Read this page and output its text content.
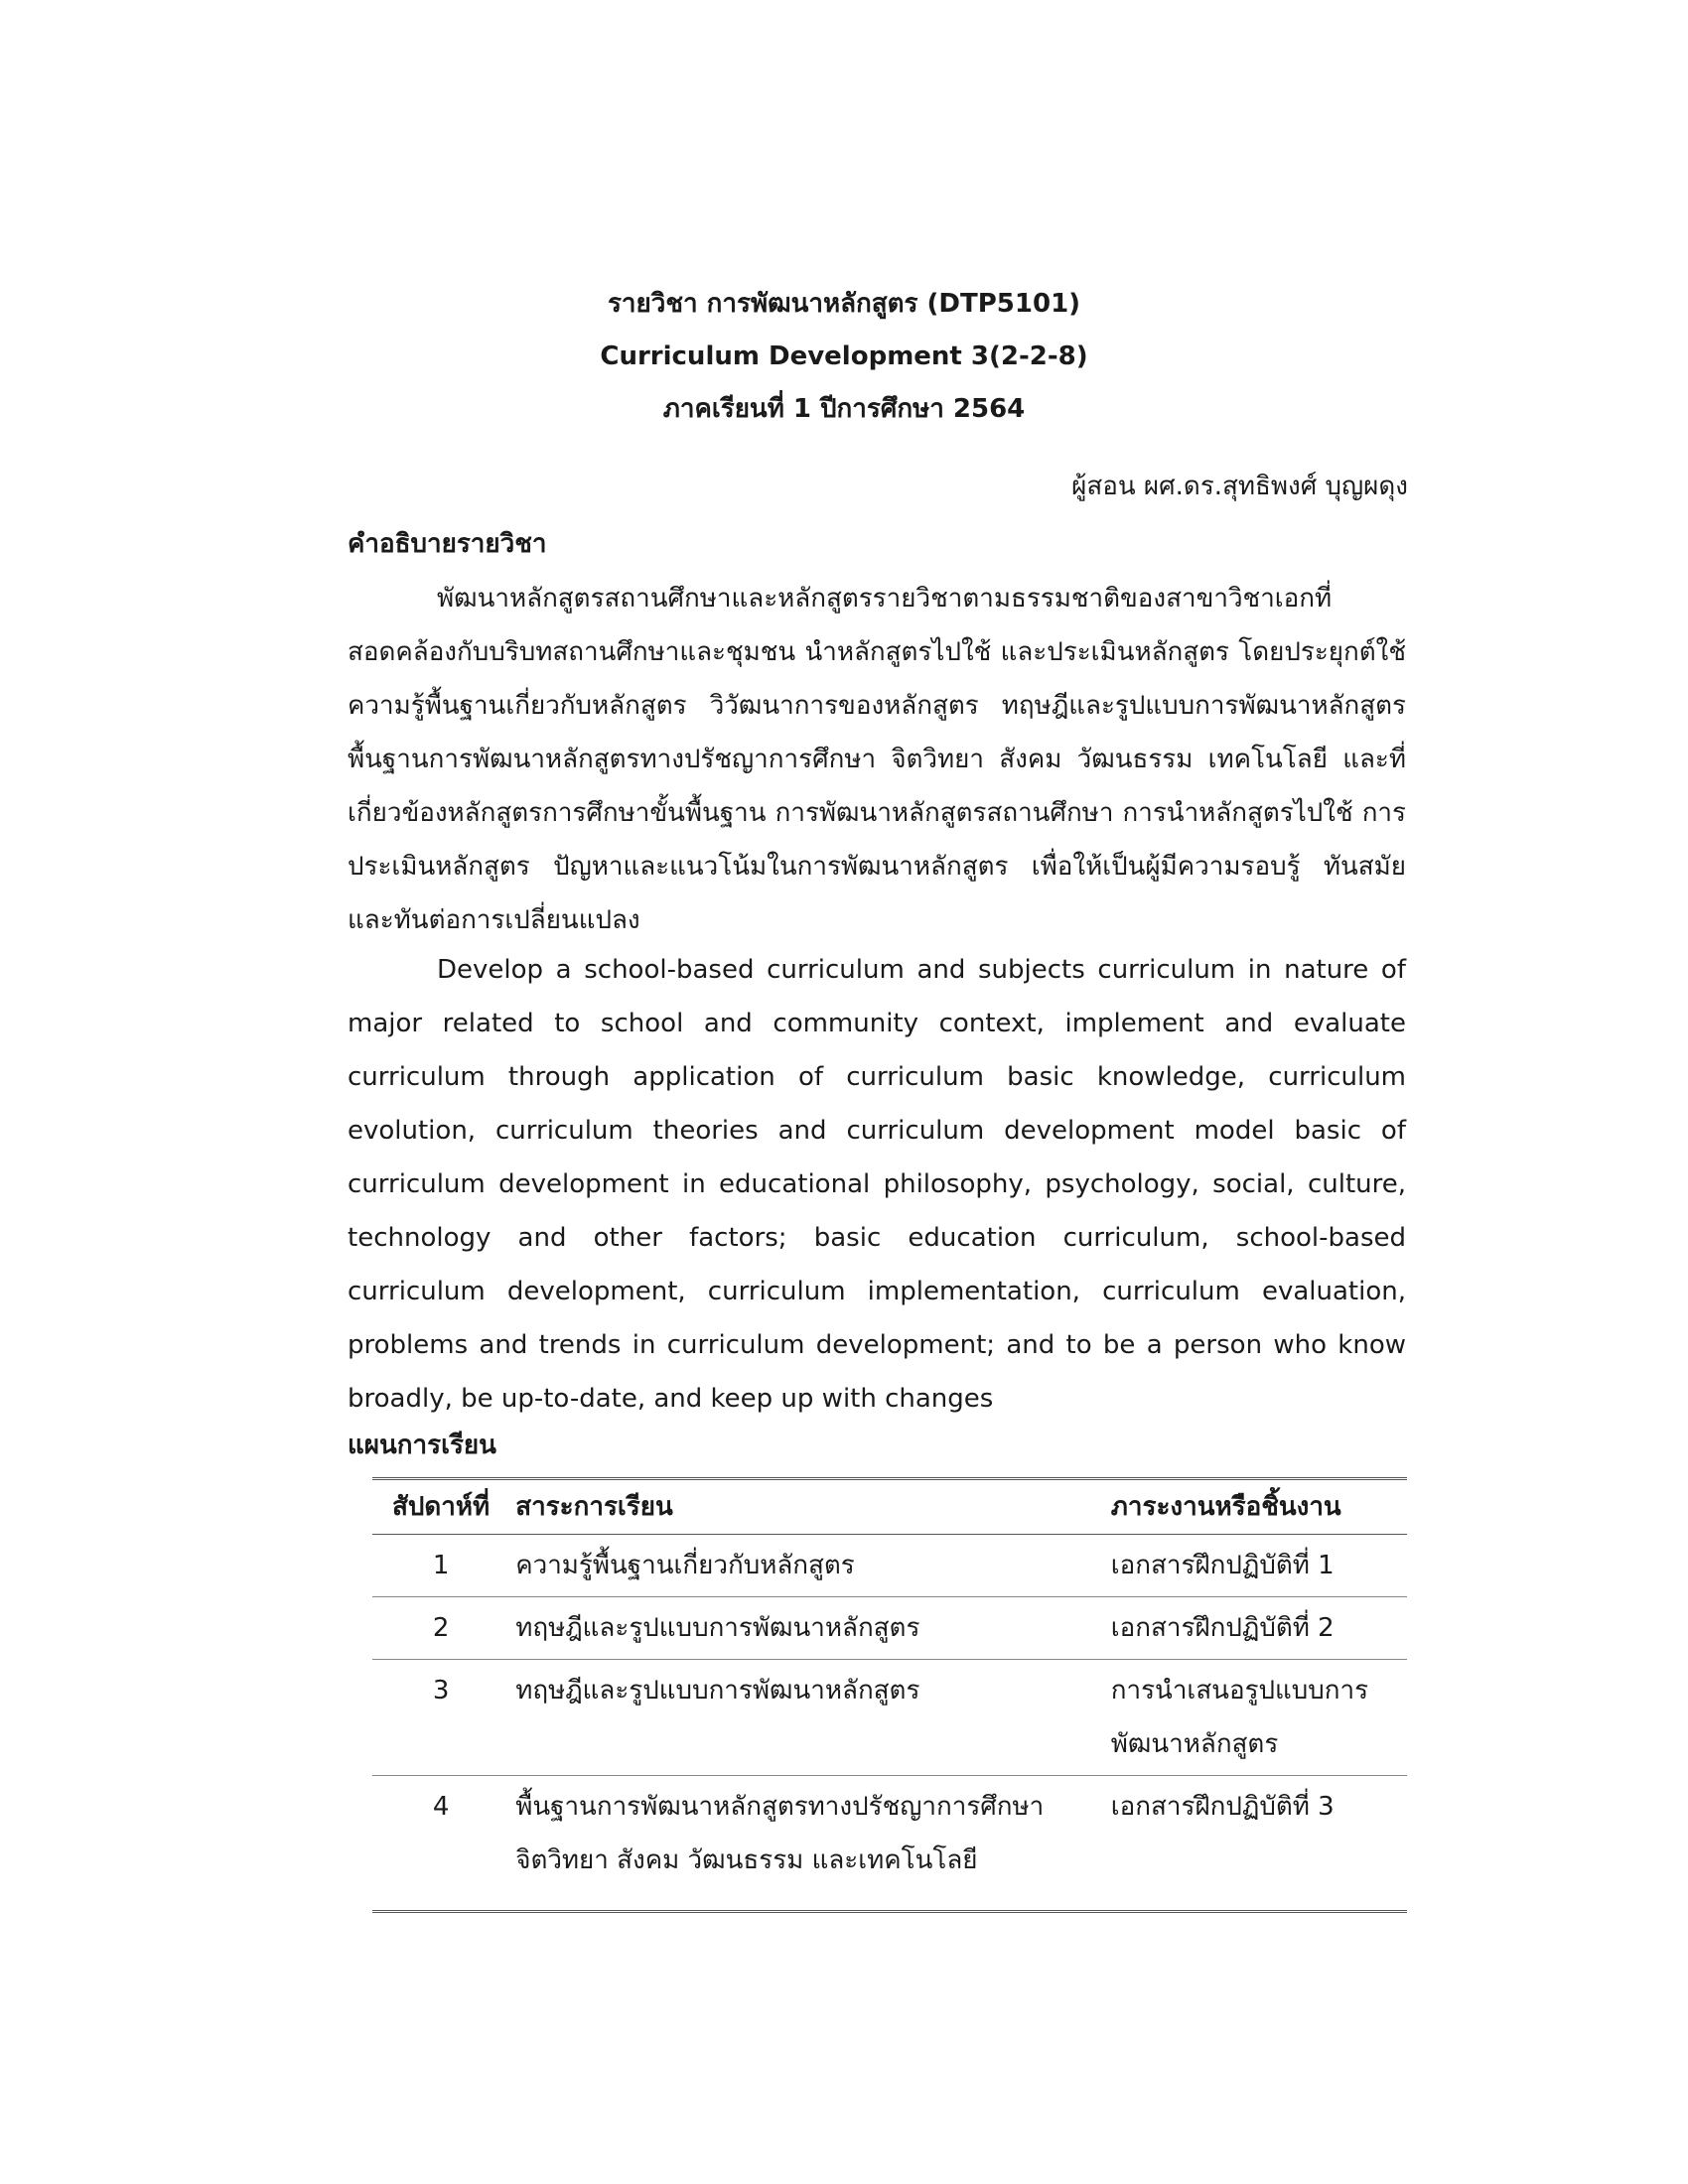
รายวิชา การพัฒนาหลักสูตร (DTP5101)
Curriculum Development 3(2-2-8)
ภาคเรียนที่ 1 ปีการศึกษา 2564
ผู้สอน ผศ.ดร.สุทธิพงศ์ บุญผดุง
คำอธิบายรายวิชา

พัฒนาหลักสูตรสถานศึกษาและหลักสูตรรายวิชาตามธรรมชาติของสาขาวิชาเอกที่สอดคล้องกับบริบทสถานศึกษาและชุมชน นำหลักสูตรไปใช้ และประเมินหลักสูตร โดยประยุกต์ใช้ความรู้พื้นฐานเกี่ยวกับหลักสูตร วิวัฒนาการของหลักสูตร ทฤษฎีและรูปแบบการพัฒนาหลักสูตร พื้นฐานการพัฒนาหลักสูตรทางปรัชญาการศึกษา จิตวิทยา สังคม วัฒนธรรม เทคโนโลยี และที่เกี่ยวข้องหลักสูตรการศึกษาขั้นพื้นฐาน การพัฒนาหลักสูตรสถานศึกษา การนำหลักสูตรไปใช้ การประเมินหลักสูตร ปัญหาและแนวโน้มในการพัฒนาหลักสูตร เพื่อให้เป็นผู้มีความรอบรู้ ทันสมัยและทันต่อการเปลี่ยนแปลง

Develop a school-based curriculum and subjects curriculum in nature of major related to school and community context, implement and evaluate curriculum through application of curriculum basic knowledge, curriculum evolution, curriculum theories and curriculum development model basic of curriculum development in educational philosophy, psychology, social, culture, technology and other factors; basic education curriculum, school-based curriculum development, curriculum implementation, curriculum evaluation, problems and trends in curriculum development; and to be a person who know broadly, be up-to-date, and keep up with changes

แผนการเรียน
สัปดาห์ที่	สาระการเรียน	ภาระงานหรือชิ้นงาน
1	ความรู้พื้นฐานเกี่ยวกับหลักสูตร	เอกสารฝึกปฏิบัติที่ 1
2	ทฤษฎีและรูปแบบการพัฒนาหลักสูตร	เอกสารฝึกปฏิบัติที่ 2
3	ทฤษฎีและรูปแบบการพัฒนาหลักสูตร	การนำเสนอรูปแบบการพัฒนาหลักสูตร
4	พื้นฐานการพัฒนาหลักสูตรทางปรัชญาการศึกษา จิตวิทยา สังคม วัฒนธรรม และเทคโนโลยี	เอกสารฝึกปฏิบัติที่ 3
